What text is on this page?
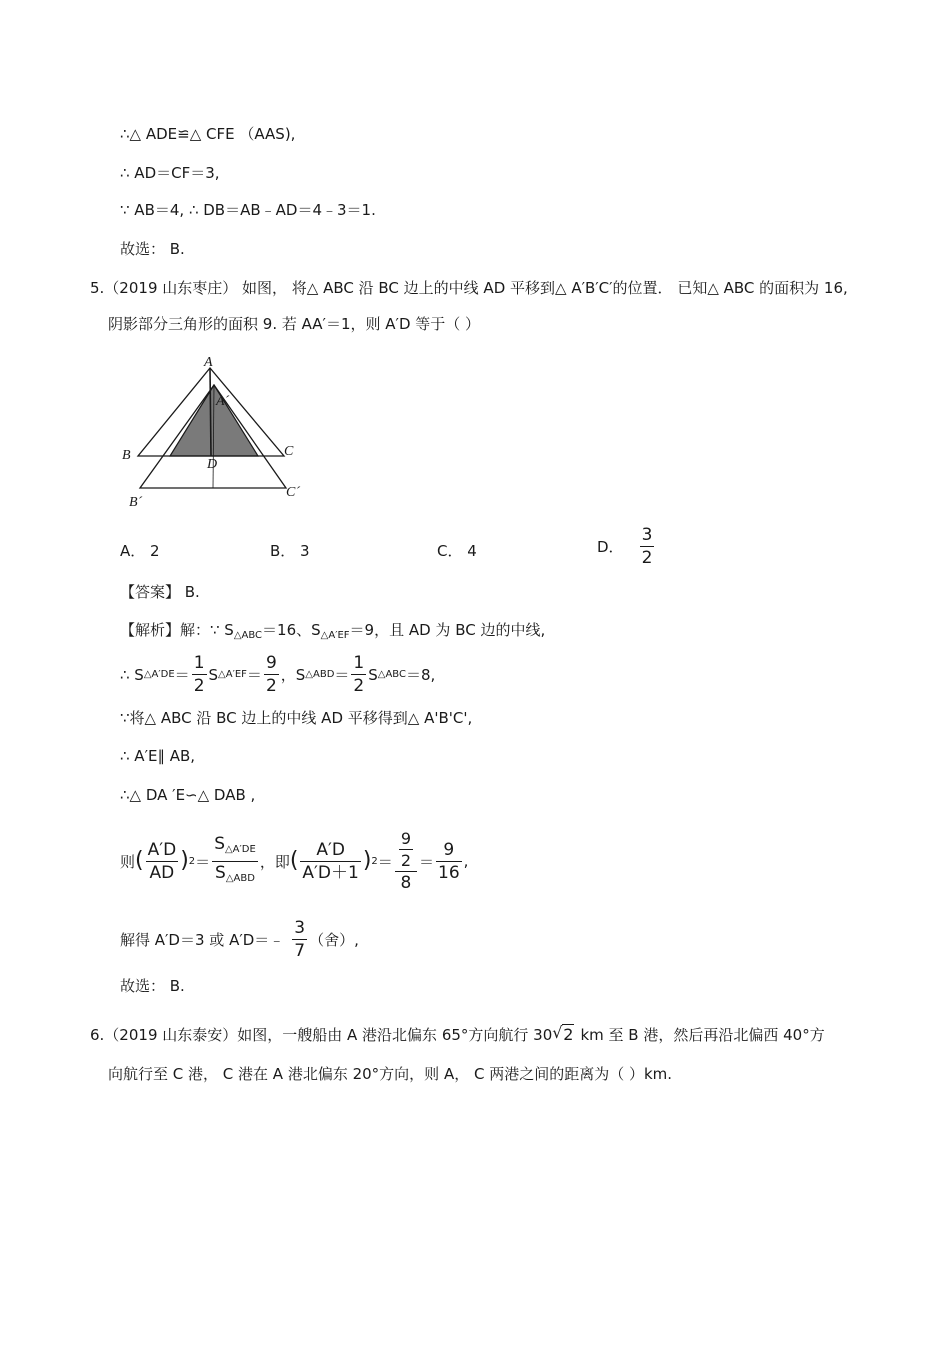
∴△ ADE≌△ CFE （AAS),
∴ AD＝CF＝3,
∵ AB＝4, ∴ DB＝AB﹣AD＝4﹣3＝1.
故选： B.
5.（2019 山东枣庄） 如图， 将△ ABC 沿 BC 边上的中线 AD 平移到△ A′B′C′的位置． 已知△ ABC 的面积为 16,
阴影部分三角形的面积 9. 若 AA′＝1，则 A′D 等于（ ）
A
A´
B	C
D
B´
C´
A． 2	B． 3	C． 4	D． $\frac{3}{2}$
【答案】 B.
【解析】解：∵ $S_{\triangle ABC}=16$、$S_{\triangle A'EF}=9$，且 AD 为 BC 边的中线,
∴ S △A′DE ＝ $\frac{1}{2}$ S △A′EF ＝ $\frac{9}{2}$ ，S △ABD ＝ $\frac{1}{2}$ S △ABC ＝8,
∵将△ ABC 沿 BC 边上的中线 AD 平移得到△ A'B'C',
∴ A′E∥ AB,
∴△ DA ′E∽△ DAB ,
则 ( $\frac{A'D}{AD}$ ) $2 = \frac{S_{\triangle A'DE}}{S_{\triangle ABD}}$ ，即 ( $\frac{A'D}{A'D+1}$ ) $2 = \frac{\frac{9}{2}}{8} = \frac{9}{16}$ ,
解得 A′D＝3 或 A′D＝﹣ $\frac{3}{7}$ （舍）,
故选： B.
6.（2019 山东泰安）如图，一艘船由 A 港沿北偏东 65°方向航行 30 √ 2 km 至 B 港，然后再沿北偏西 40°方
向航行至 C 港， C 港在 A 港北偏东 20°方向，则 A， C 两港之间的距离为（ ）km.
